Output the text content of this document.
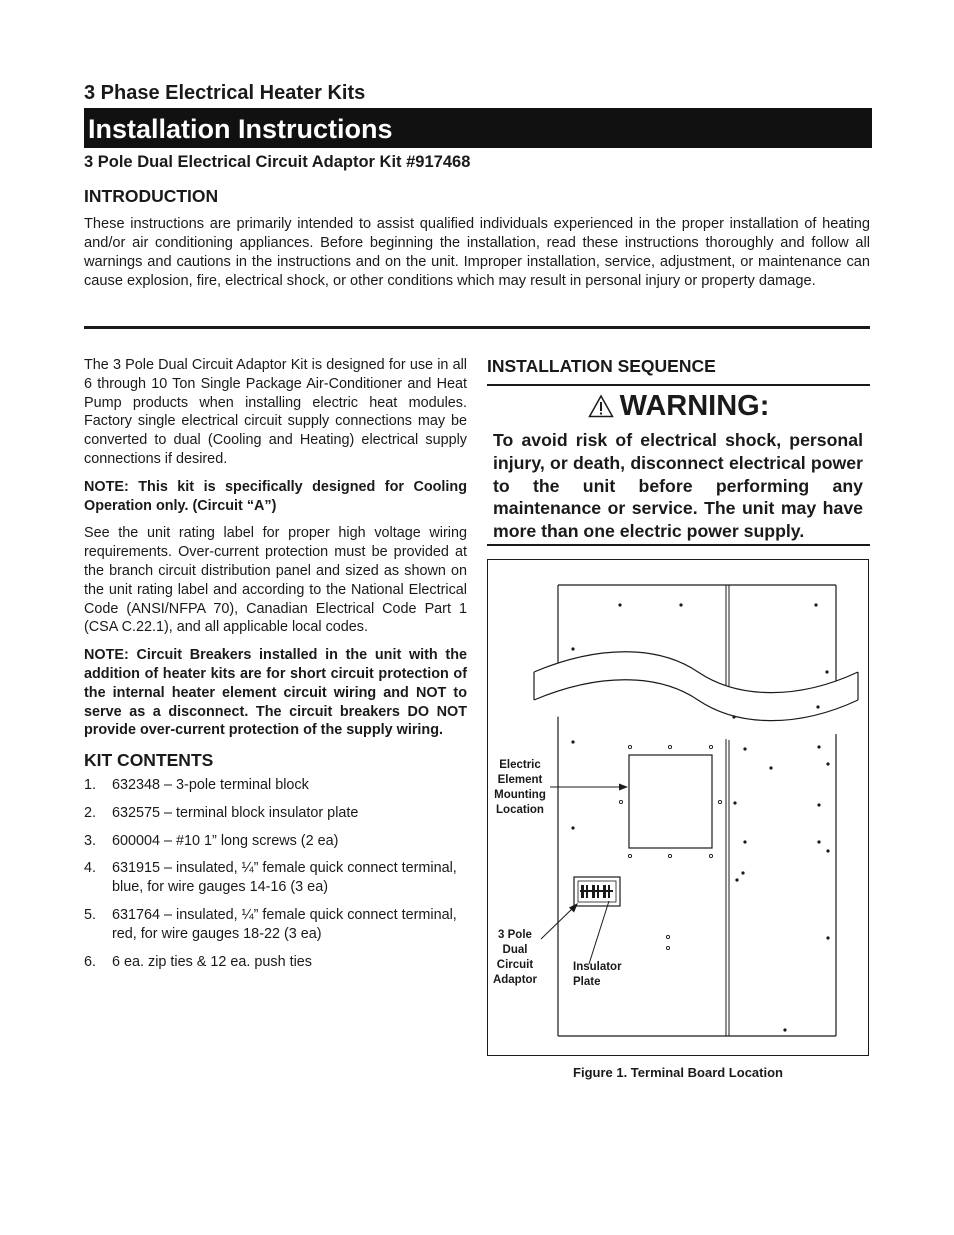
3 Phase Electrical Heater Kits
Installation Instructions
3 Pole Dual Electrical Circuit Adaptor Kit #917468
INTRODUCTION
These instructions are primarily intended to assist qualified individuals experienced in the proper installation of heating and/or air conditioning appliances. Before beginning the installation, read these instructions thoroughly and follow all warnings and cautions in the instructions and on the unit. Improper installation, service, adjustment, or maintenance can cause explosion, fire, electrical shock, or other conditions which may result in personal injury or property damage.

The 3 Pole Dual Circuit Adaptor Kit is designed for use in all 6 through 10 Ton Single Package Air-Conditioner and Heat Pump products when installing electric heat modules. Factory single electrical circuit supply connections may be converted to dual (Cooling and Heating) electrical supply connections if desired.

NOTE: This kit is specifically designed for Cooling Operation only. (Circuit “A”)

See the unit rating label for proper high voltage wiring requirements. Over-current protection must be provided at the branch circuit distribution panel and sized as shown on the unit rating label and according to the National Electrical Code (ANSI/NFPA 70), Canadian Electrical Code Part 1 (CSA C.22.1), and all applicable local codes.

NOTE: Circuit Breakers installed in the unit with the addition of heater kits are for short circuit protection of the internal heater element circuit wiring and NOT to serve as a disconnect. The circuit breakers DO NOT provide over-current protection of the supply wiring.

KIT CONTENTS
1. 632348 – 3-pole terminal block
2. 632575 – terminal block insulator plate
3. 600004 – #10 1” long screws (2 ea)
4. 631915 – insulated, ¼” female quick connect terminal, blue, for wire gauges 14-16 (3 ea)
5. 631764 – insulated, ¼” female quick connect terminal, red, for wire gauges 18-22 (3 ea)
6. 6 ea. zip ties & 12 ea. push ties
INSTALLATION SEQUENCE
WARNING:
To avoid risk of electrical shock, personal injury, or death, disconnect electrical power to the unit before performing any maintenance or service. The unit may have more than one electric power supply.
Electric
Element
Mounting
Location
3 Pole
Dual
Circuit
Adaptor
Insulator
Plate
Figure 1. Terminal Board Location
